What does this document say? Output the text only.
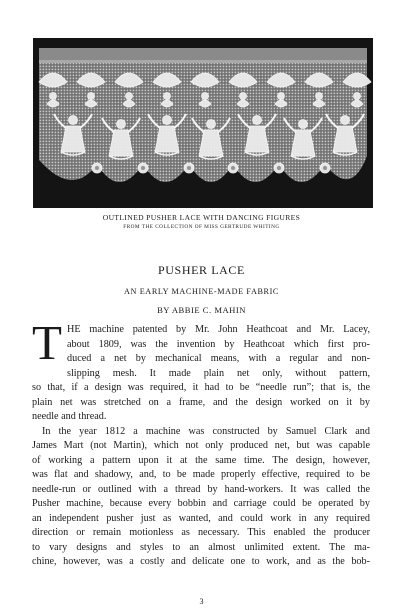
OUTLINED PUSHER LACE WITH DANCING FIGURES
FROM THE COLLECTION OF MISS GERTRUDE WHITING
PUSHER LACE
AN EARLY MACHINE-MADE FABRIC
BY ABBIE C. MAHIN
T HE machine patented by Mr. John Heathcoat and Mr. Lacey,
about 1809, was the invention by Heathcoat which first pro-
duced a net by mechanical means, with a regular and non-
slipping mesh. It made plain net only, without pattern,
so that, if a design was required, it had to be “needle run”; that is, the
plain net was stretched on a frame, and the design worked on it by
needle and thread.
In the year 1812 a machine was constructed by Samuel Clark and
James Mart (not Martin), which not only produced net, but was capable
of working a pattern upon it at the same time. The design, however,
was flat and shadowy, and, to be made properly effective, required to be
needle-run or outlined with a thread by hand-workers. It was called the
Pusher machine, because every bobbin and carriage could be operated by
an independent pusher just as wanted, and could work in any required
direction or remain motionless as necessary. This enabled the producer
to vary designs and styles to an almost unlimited extent. The ma-
chine, however, was a costly and delicate one to work, and as the bob-
3
